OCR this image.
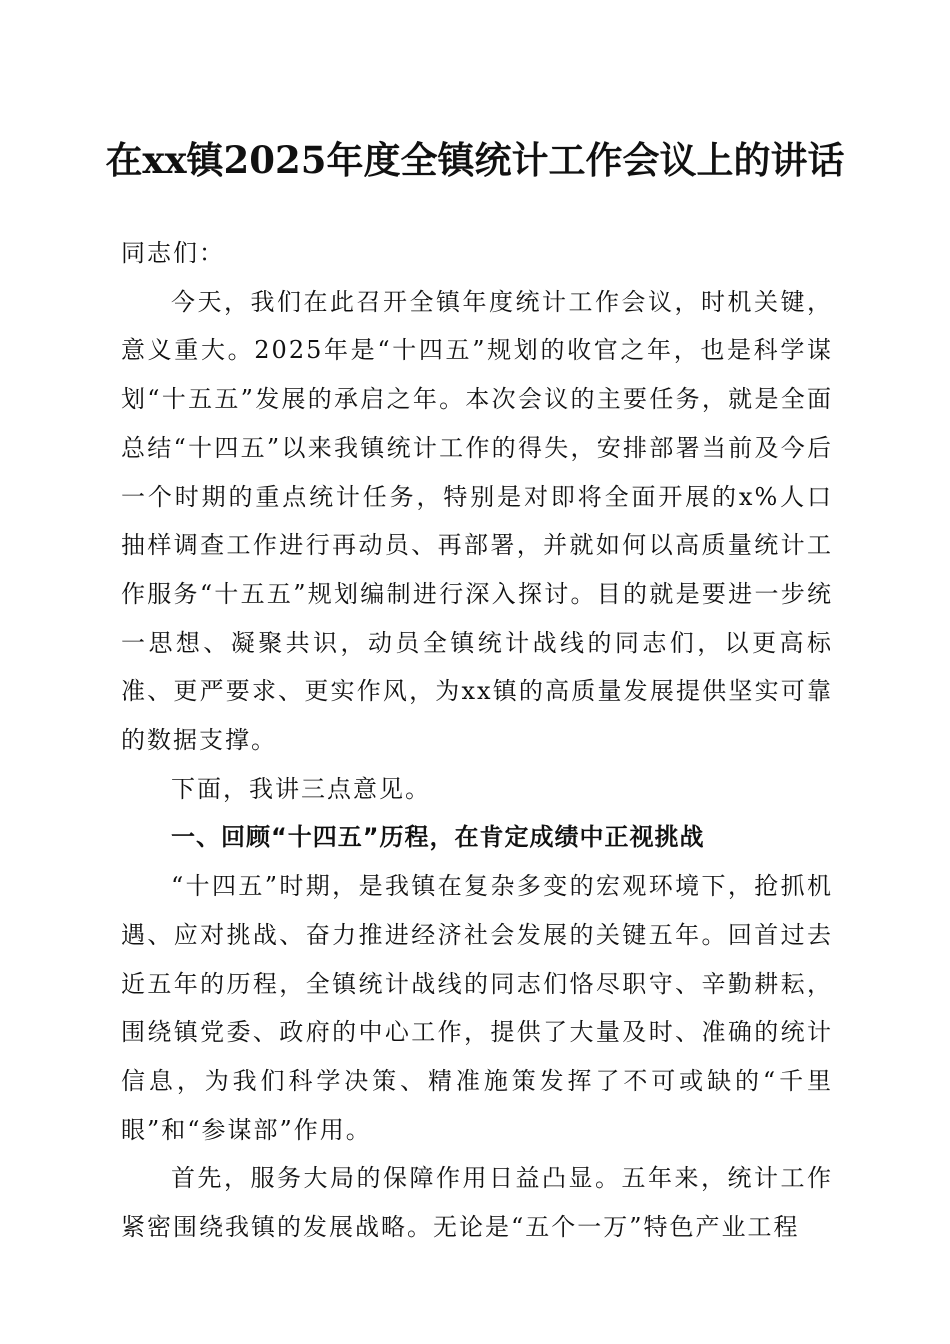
在xx镇2025年度全镇统计工作会议上的讲话

同志们：

今天，我们在此召开全镇年度统计工作会议，时机关键，意义重大。2025年是“十四五”规划的收官之年，也是科学谋划“十五五”发展的承启之年。本次会议的主要任务，就是全面总结“十四五”以来我镇统计工作的得失，安排部署当前及今后一个时期的重点统计任务，特别是对即将全面开展的x%人口抽样调查工作进行再动员、再部署，并就如何以高质量统计工作服务“十五五”规划编制进行深入探讨。目的就是要进一步统一思想、凝聚共识，动员全镇统计战线的同志们，以更高标准、更严要求、更实作风，为xx镇的高质量发展提供坚实可靠的数据支撑。

下面，我讲三点意见。

一、回顾“十四五”历程，在肯定成绩中正视挑战

“十四五”时期，是我镇在复杂多变的宏观环境下，抢抓机遇、应对挑战、奋力推进经济社会发展的关键五年。回首过去近五年的历程，全镇统计战线的同志们恪尽职守、辛勤耕耘，围绕镇党委、政府的中心工作，提供了大量及时、准确的统计信息，为我们科学决策、精准施策发挥了不可或缺的“千里眼”和“参谋部”作用。

首先，服务大局的保障作用日益凸显。五年来，统计工作紧密围绕我镇的发展战略。无论是“五个一万”特色产业工程
